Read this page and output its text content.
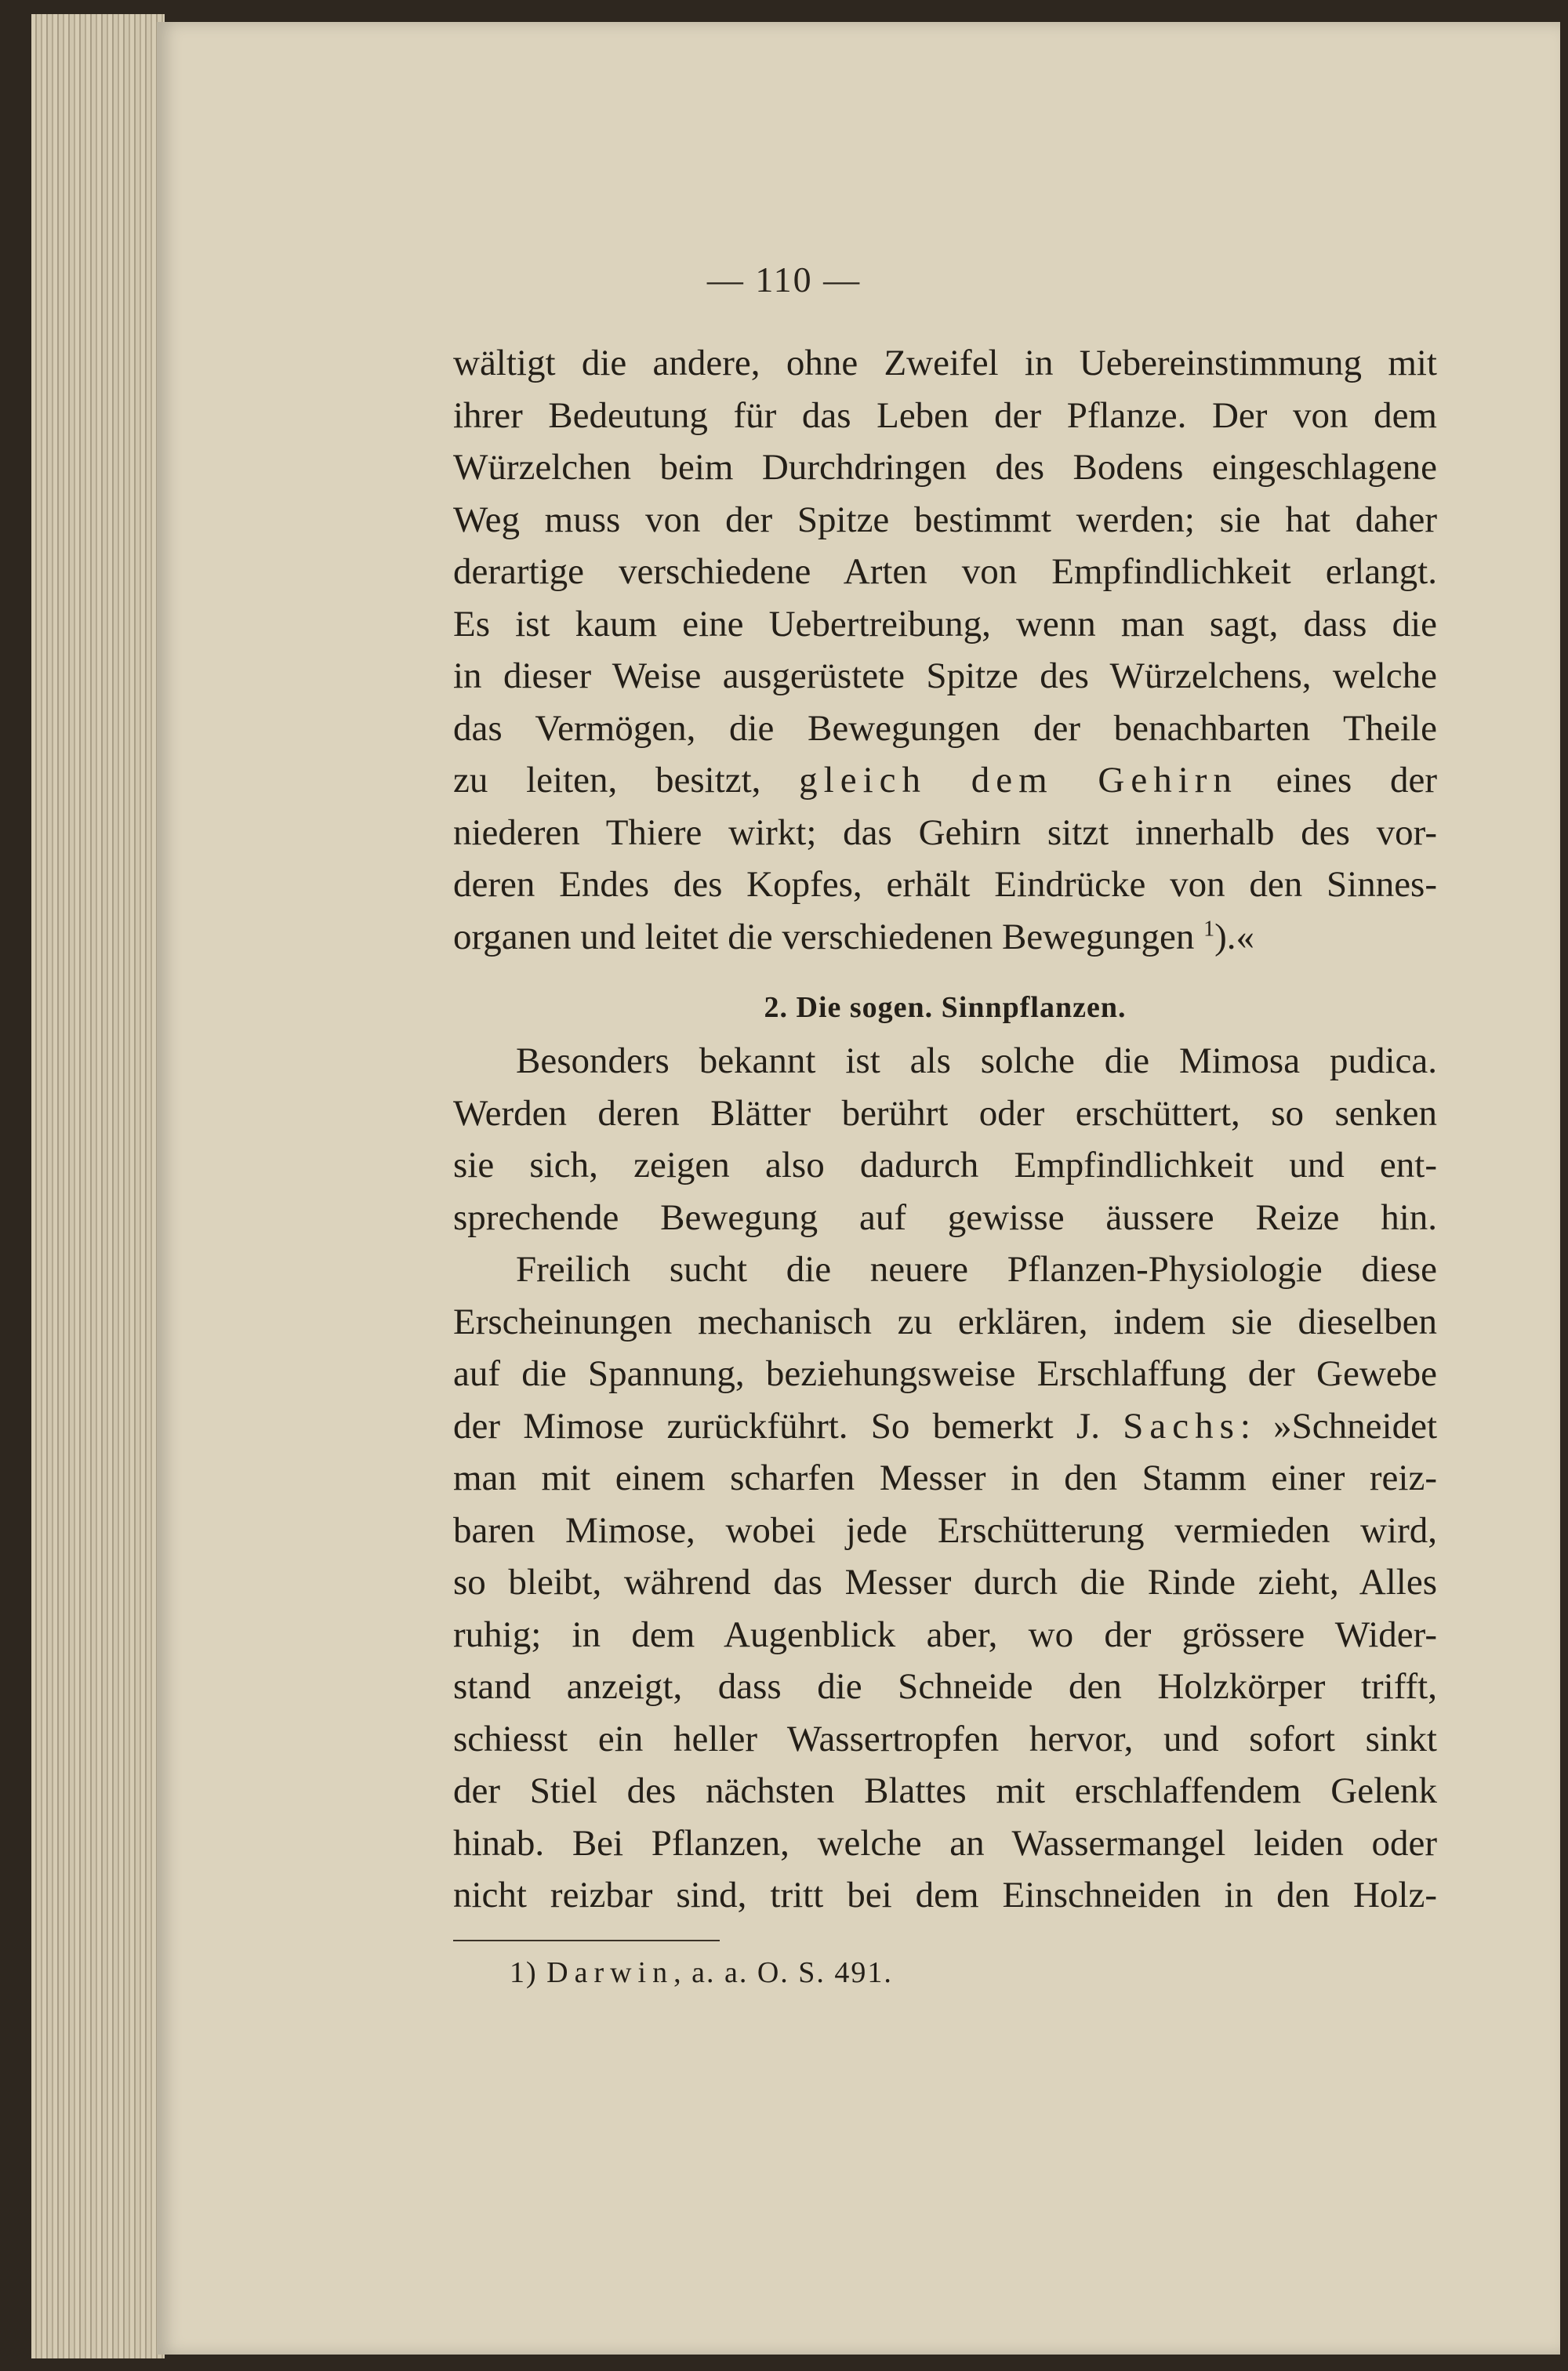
— 110 —
wältigt die andere, ohne Zweifel in Uebereinstimmung mit
ihrer Bedeutung für das Leben der Pflanze. Der von dem
Würzelchen beim Durchdringen des Bodens eingeschlagene
Weg muss von der Spitze bestimmt werden; sie hat daher
derartige verschiedene Arten von Empfindlichkeit erlangt.
Es ist kaum eine Uebertreibung, wenn man sagt, dass die
in dieser Weise ausgerüstete Spitze des Würzelchens, welche
das Vermögen, die Bewegungen der benachbarten Theile
zu leiten, besitzt, gleich dem Gehirn eines der
niederen Thiere wirkt; das Gehirn sitzt innerhalb des vor-
deren Endes des Kopfes, erhält Eindrücke von den Sinnes-
organen und leitet die verschiedenen Bewegungen $^1$).«
2. Die sogen. Sinnpflanzen.
Besonders bekannt ist als solche die Mimosa pudica.
Werden deren Blätter berührt oder erschüttert, so senken
sie sich, zeigen also dadurch Empfindlichkeit und ent-
sprechende Bewegung auf gewisse äussere Reize hin.
Freilich sucht die neuere Pflanzen-Physiologie diese
Erscheinungen mechanisch zu erklären, indem sie dieselben
auf die Spannung, beziehungsweise Erschlaffung der Gewebe
der Mimose zurückführt. So bemerkt J. Sachs: »Schneidet
man mit einem scharfen Messer in den Stamm einer reiz-
baren Mimose, wobei jede Erschütterung vermieden wird,
so bleibt, während das Messer durch die Rinde zieht, Alles
ruhig; in dem Augenblick aber, wo der grössere Wider-
stand anzeigt, dass die Schneide den Holzkörper trifft,
schiesst ein heller Wassertropfen hervor, und sofort sinkt
der Stiel des nächsten Blattes mit erschlaffendem Gelenk
hinab. Bei Pflanzen, welche an Wassermangel leiden oder
nicht reizbar sind, tritt bei dem Einschneiden in den Holz-
1) Darwin, a. a. O. S. 491.
